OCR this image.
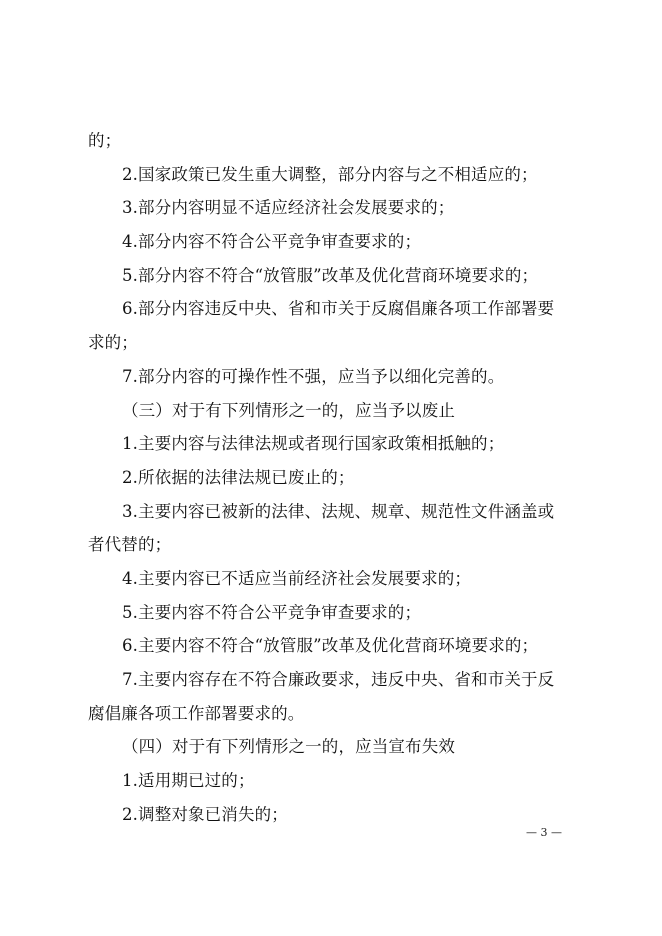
的；
2.国家政策已发生重大调整，部分内容与之不相适应的；
3.部分内容明显不适应经济社会发展要求的；
4.部分内容不符合公平竞争审查要求的；
5.部分内容不符合“放管服”改革及优化营商环境要求的；
6.部分内容违反中央、省和市关于反腐倡廉各项工作部署要
求的；
7.部分内容的可操作性不强，应当予以细化完善的。
（三）对于有下列情形之一的，应当予以废止
1.主要内容与法律法规或者现行国家政策相抵触的；
2.所依据的法律法规已废止的；
3.主要内容已被新的法律、法规、规章、规范性文件涵盖或
者代替的；
4.主要内容已不适应当前经济社会发展要求的；
5.主要内容不符合公平竞争审查要求的；
6.主要内容不符合“放管服”改革及优化营商环境要求的；
7.主要内容存在不符合廉政要求，违反中央、省和市关于反
腐倡廉各项工作部署要求的。
（四）对于有下列情形之一的，应当宣布失效
1.适用期已过的；
2.调整对象已消失的；
— 3 —
